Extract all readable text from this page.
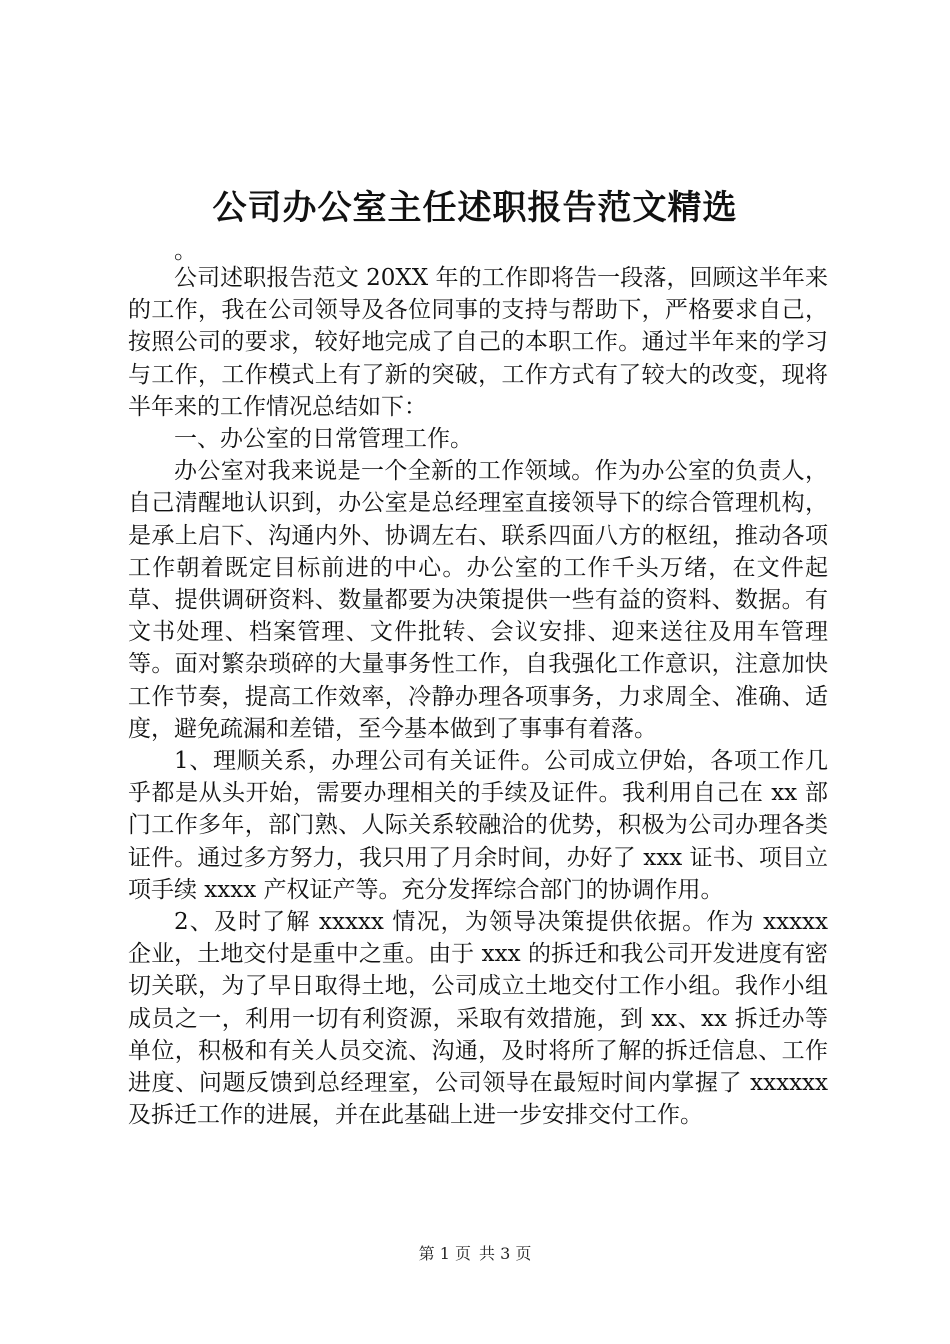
公司办公室主任述职报告范文精选
。

公司述职报告范文 20XX 年的工作即将告一段落，回顾这半年来的工作，我在公司领导及各位同事的支持与帮助下，严格要求自己，按照公司的要求，较好地完成了自己的本职工作。通过半年来的学习与工作，工作模式上有了新的突破，工作方式有了较大的改变，现将半年来的工作情况总结如下：

一、办公室的日常管理工作。

办公室对我来说是一个全新的工作领域。作为办公室的负责人，自己清醒地认识到，办公室是总经理室直接领导下的综合管理机构，是承上启下、沟通内外、协调左右、联系四面八方的枢纽，推动各项工作朝着既定目标前进的中心。办公室的工作千头万绪，在文件起草、提供调研资料、数量都要为决策提供一些有益的资料、数据。有文书处理、档案管理、文件批转、会议安排、迎来送往及用车管理等。面对繁杂琐碎的大量事务性工作，自我强化工作意识，注意加快工作节奏，提高工作效率，冷静办理各项事务，力求周全、准确、适度，避免疏漏和差错，至今基本做到了事事有着落。

1、理顺关系，办理公司有关证件。公司成立伊始，各项工作几乎都是从头开始，需要办理相关的手续及证件。我利用自己在 xx 部门工作多年，部门熟、人际关系较融洽的优势，积极为公司办理各类证件。通过多方努力，我只用了月余时间，办好了 xxx 证书、项目立项手续 xxxx 产权证产等。充分发挥综合部门的协调作用。

2、及时了解 xxxxx 情况，为领导决策提供依据。作为 xxxxx 企业，土地交付是重中之重。由于 xxx 的拆迁和我公司开发进度有密切关联，为了早日取得土地，公司成立土地交付工作小组。我作小组成员之一，利用一切有利资源，采取有效措施，到 xx、xx 拆迁办等单位，积极和有关人员交流、沟通，及时将所了解的拆迁信息、工作进度、问题反馈到总经理室，公司领导在最短时间内掌握了 xxxxxx 及拆迁工作的进展，并在此基础上进一步安排交付工作。

第 1 页 共 3 页
